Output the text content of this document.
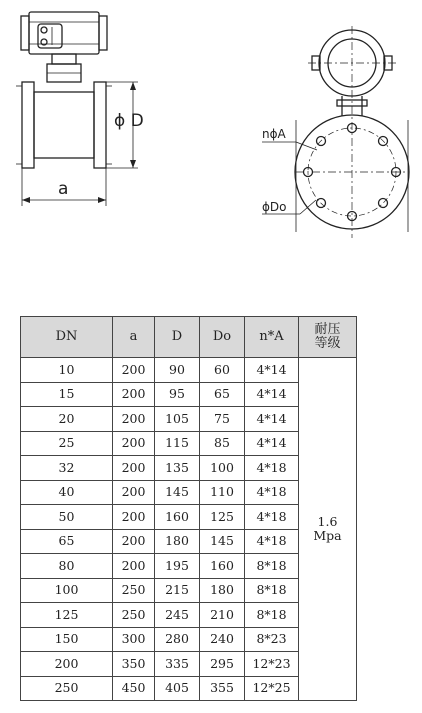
ϕ D
a
nϕA
ϕDo
DN	a	D	Do	n*A	耐压
等级

10	200	90	60	4*14	1.6
Mpa

15	200	95	65	4*14	
20	200	105	75	4*14	
25	200	115	85	4*14	
32	200	135	100	4*18	
40	200	145	110	4*18	
50	200	160	125	4*18	
65	200	180	145	4*18	
80	200	195	160	8*18	
100	250	215	180	8*18	
125	250	245	210	8*18	
150	300	280	240	8*23	
200	350	335	295	12*23	
250	450	405	355	12*25	
